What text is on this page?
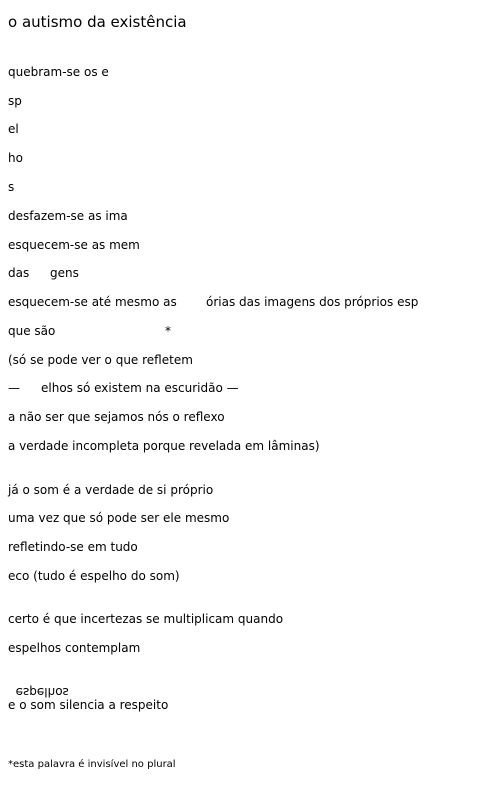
o autismo da existência
quebram-se os e
sp
el
ho
s
desfazem-se as ima
esquecem-se as mem
das gens
esquecem-se até mesmo as órias das imagens dos próprios esp
que são	*
(só se pode ver o que refletem
— elhos só existem na escuridão —
a não ser que sejamos nós o reflexo
a verdade incompleta porque revelada em lâminas)
já o som é a verdade de si próprio
uma vez que só pode ser ele mesmo
refletindo-se em tudo
eco (tudo é espelho do som)
certo é que incertezas se multiplicam quando
espelhos contemplam

espelhos

e o som silencia a respeito
*esta palavra é invisível no plural
